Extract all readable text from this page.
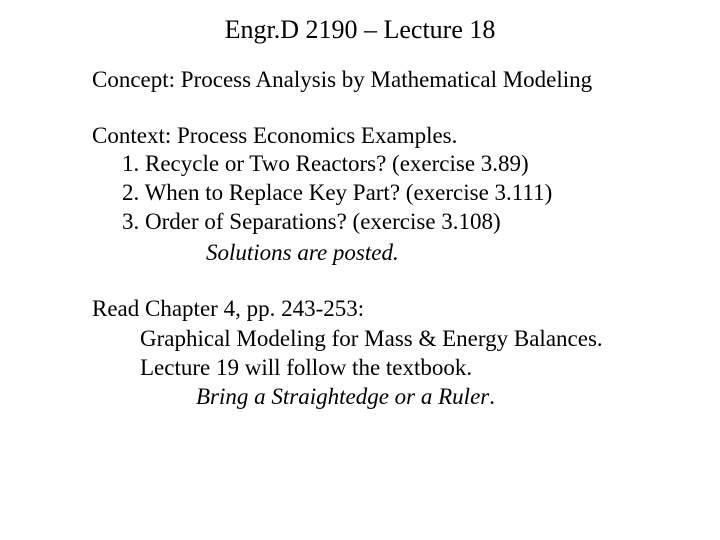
Engr.D 2190 – Lecture 18
Concept: Process Analysis by Mathematical Modeling
Context: Process Economics Examples.
1. Recycle or Two Reactors? (exercise 3.89)
2. When to Replace Key Part? (exercise 3.111)
3. Order of Separations? (exercise 3.108)
Solutions are posted.
Read Chapter 4, pp. 243-253:
Graphical Modeling for Mass & Energy Balances.
Lecture 19 will follow the textbook.
Bring a Straightedge or a Ruler.
